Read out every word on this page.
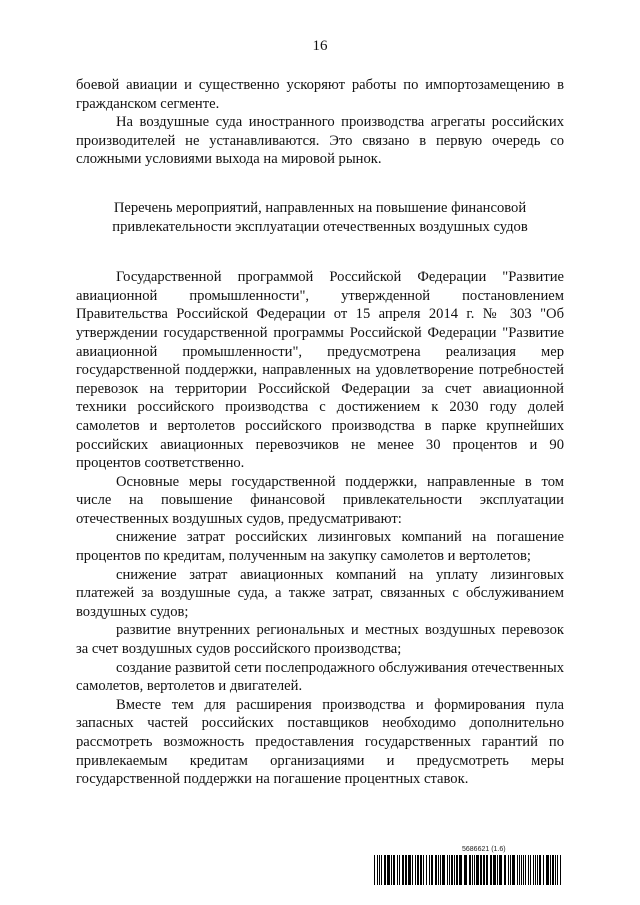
16

боевой авиации и существенно ускоряют работы по импортозамещению в гражданском сегменте.

На воздушные суда иностранного производства агрегаты российских производителей не устанавливаются. Это связано в первую очередь со сложными условиями выхода на мировой рынок.

Перечень мероприятий, направленных на повышение финансовой привлекательности эксплуатации отечественных воздушных судов

Государственной программой Российской Федерации "Развитие авиационной промышленности", утвержденной постановлением Правительства Российской Федерации от 15 апреля 2014 г. № 303 "Об утверждении государственной программы Российской Федерации "Развитие авиационной промышленности", предусмотрена реализация мер государственной поддержки, направленных на удовлетворение потребностей перевозок на территории Российской Федерации за счет авиационной техники российского производства с достижением к 2030 году долей самолетов и вертолетов российского производства в парке крупнейших российских авиационных перевозчиков не менее 30 процентов и 90 процентов соответственно.

Основные меры государственной поддержки, направленные в том числе на повышение финансовой привлекательности эксплуатации отечественных воздушных судов, предусматривают:

снижение затрат российских лизинговых компаний на погашение процентов по кредитам, полученным на закупку самолетов и вертолетов;

снижение затрат авиационных компаний на уплату лизинговых платежей за воздушные суда, а также затрат, связанных с обслуживанием воздушных судов;

развитие внутренних региональных и местных воздушных перевозок за счет воздушных судов российского производства;

создание развитой сети послепродажного обслуживания отечественных самолетов, вертолетов и двигателей.

Вместе тем для расширения производства и формирования пула запасных частей российских поставщиков необходимо дополнительно рассмотреть возможность предоставления государственных гарантий по привлекаемым кредитам организациями и предусмотреть меры государственной поддержки на погашение процентных ставок.

5686621 (1.6)
